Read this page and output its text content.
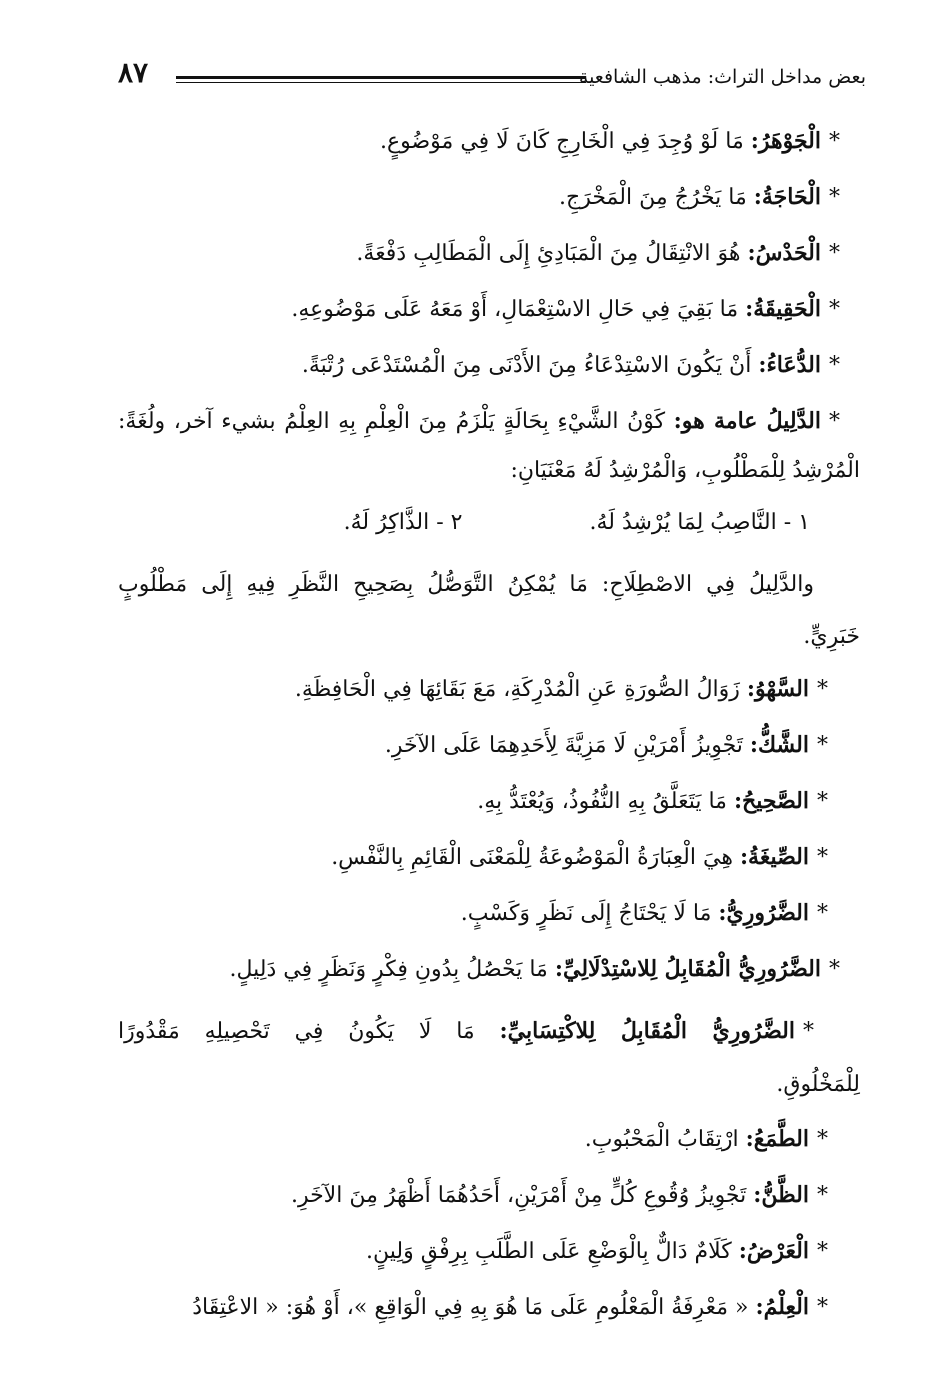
بعض مداخل التراث: مذهب الشافعية
٨٧
*الْجَوْهَرُ: مَا لَوْ وُجِدَ فِي الْخَارِجِ كَانَ لَا فِي مَوْضُوعٍ.
*الْحَاجَةُ: مَا يَخْرُجُ مِنَ الْمَخْرَجِ.
*الْحَدْسُ: هُوَ الانْتِقَالُ مِنَ الْمَبَادِئِ إِلَى الْمَطَالِبِ دَفْعَةً.
*الْحَقِيقَةُ: مَا بَقِيَ فِي حَالِ الاسْتِعْمَالِ، أَوْ مَعَهُ عَلَى مَوْضُوعِهِ.
*الدُّعَاءُ: أَنْ يَكُونَ الاسْتِدْعَاءُ مِنَ الأَدْنَى مِنَ الْمُسْتَدْعَى رُتْبَةً.
*الدَّلِيلُ عامة هو: كَوْنُ الشَّيْءِ بِحَالَةٍ يَلْزَمُ مِنَ الْعِلْمِ بِهِ العِلْمُ بشيء آخر، ولُغَةً:
الْمُرْشِدُ لِلْمَطْلُوبِ، وَالْمُرْشِدُ لَهُ مَعْنَيَانِ:
١ - النَّاصِبُ لِمَا يُرْشِدُ لَهُ. ٢ - الذَّاكِرُ لَهُ.
والدَّلِيلُ فِي الاصْطِلَاحِ: مَا يُمْكِنُ التَّوَصُّلُ بِصَحِيحِ النَّظَرِ فِيهِ إِلَى مَطْلُوبٍ
خَبَرِيٍّ.
*السَّهْوُ: زَوَالُ الصُّورَةِ عَنِ الْمُدْرِكَةِ، مَعَ بَقَائِهَا فِي الْحَافِظَةِ.
*الشَّكُّ: تَجْوِيزُ أَمْرَيْنِ لَا مَزِيَّةَ لِأَحَدِهِمَا عَلَى الآخَرِ.
*الصَّحِيحُ: مَا يَتَعَلَّقُ بِهِ النُّفُوذُ، وَيُعْتَدُّ بِهِ.
*الصِّيغَةُ: هِيَ الْعِبَارَةُ الْمَوْضُوعَةُ لِلْمَعْنَى الْقَائِمِ بِالنَّفْسِ.
*الضَّرُورِيُّ: مَا لَا يَحْتَاجُ إِلَى نَظَرٍ وَكَسْبٍ.
*الضَّرُورِيُّ الْمُقَابِلُ لِلاسْتِدْلَالِيِّ: مَا يَحْصُلُ بِدُونِ فِكْرٍ وَنَظَرٍ فِي دَلِيلٍ.
*الضَّرُورِيُّ الْمُقَابِلُ لِلاكْتِسَابِيِّ: مَا لَا يَكُونُ فِي تَحْصِيلِهِ مَقْدُورًا
لِلْمَخْلُوقِ.
*الطَّمَعُ: ارْتِقَابُ الْمَحْبُوبِ.
*الظَّنُّ: تَجْوِيزُ وُقُوعِ كُلٍّ مِنْ أَمْرَيْنِ، أَحَدُهُمَا أَظْهَرُ مِنَ الآخَرِ.
*الْعَرْضُ: كَلَامٌ دَالٌّ بِالْوَضْعِ عَلَى الطَّلَبِ بِرِفْقٍ وَلِينٍ.
*الْعِلْمُ: « مَعْرِفَةُ الْمَعْلُومِ عَلَى مَا هُوَ بِهِ فِي الْوَاقِعِ »، أَوْ هُوَ: « الاعْتِقَادُ
